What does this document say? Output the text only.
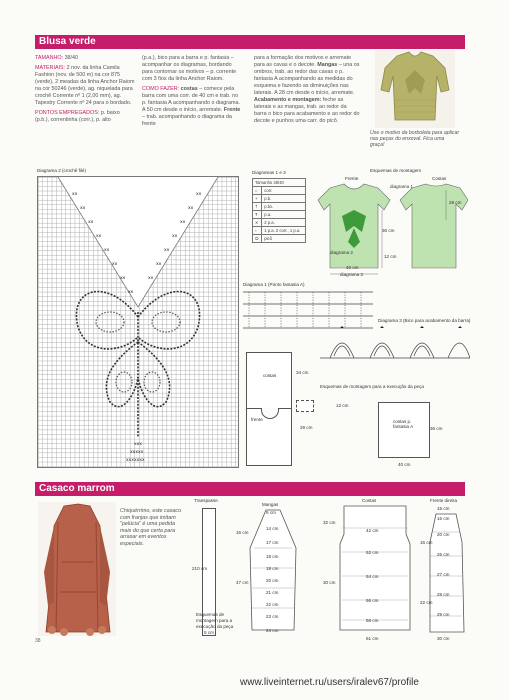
Blusa verde
TAMANHO: 38/40
MATERIAIS: 2 nov. da linha Camila Fashion (nov. de 500 m) na cor 875 (verde), 2 meadas da linha Anchor Raiom na cor 50246 (verde), ag. niquelada para crochê Corrente nº 1 (2,00 mm), ag. Tapestry Corrente nº 24 para o bordado.
PONTOS EMPREGADOS: p. baixo (p.b.), correntinha (corr.), p. alto
(p.a.), bico para a barra e p. fantasia – acompanhar os diagramas, bordando para contornar os motivos – p. corrente com 3 fios da linha Anchor Raiom.
COMO FAZER: costas – comece pela barra com uma corr. de 40 cm e trab. no p. fantasia A acompanhando o diagrama. A 50 cm desde o início, arremate. Frente – trab. acompanhando o diagrama da frente
para a formação dos motivos e arremate para as cavas e o decote. Mangas – una os ombros, trab. ao redor das cavas o p. fantasia A acompanhando as medidas do esquema e fazendo as diminuições nas laterais. A 28 cm desde o início, arremate. Acabamento e montagem: feche as laterais e as mangas, trab. ao redor da barra o bico para acabamento e ao redor do decote e punhos uma carr. do picô.
Use o motivo da borboleta para aplicar nas peças do enxoval. Fica uma graça!
Diagrama 2 (crochê filé)
xx
xx
xx
xx
xx
xx
xx
xx
xx
xx
xx
xx
xx
xx
xx
xxx
xxxxx
xxxxxxx
Diagramas 1 e 3
Tamanho 38/40	
○	corr.
+	p.b.
†	p.bx.
Ŧ	p.a.
✕	2 p.a.
▫	1 p.a. 2 corr., 1 p.a.
ⵔ	picô
Esquemas de montagem
Frente	Costas
diagrama 1
diagrama 2
diagrama 3
40 cm
36 cm
28 cm
12 cm
Diagrama 1 (Ponto fantasia A)
Diagrama 3 (Bico para acabamento da barra)
costas
frente
34 cm
29 cm
12 cm
Esquemas de montagem para a execução da peça
costas p. fantasia A	36 cm
40 cm
Casaco marrom
Chiquérrimo, este casaco com franjas que imitam "pelúcia" é uma pedida mais do que certa para arrasar em eventos especiais.
Transpasse
210 cm
5 cm
Mangas
9 cm
14 cm
17 cm
18 cm
19 cm
20 cm
21 cm
22 cm
23 cm
24 cm
47 cm
16 cm
Costas
42 cm
52 cm
54 cm
56 cm
58 cm
61 cm
32 cm
30 cm
Frente direita
15 cm
16 cm
20 cm
26 cm
27 cm
28 cm
29 cm
30 cm
16 cm
22 cm
Esquemas de montagem para a execução da peça
38
www.liveinternet.ru/users/iralev67/profile
